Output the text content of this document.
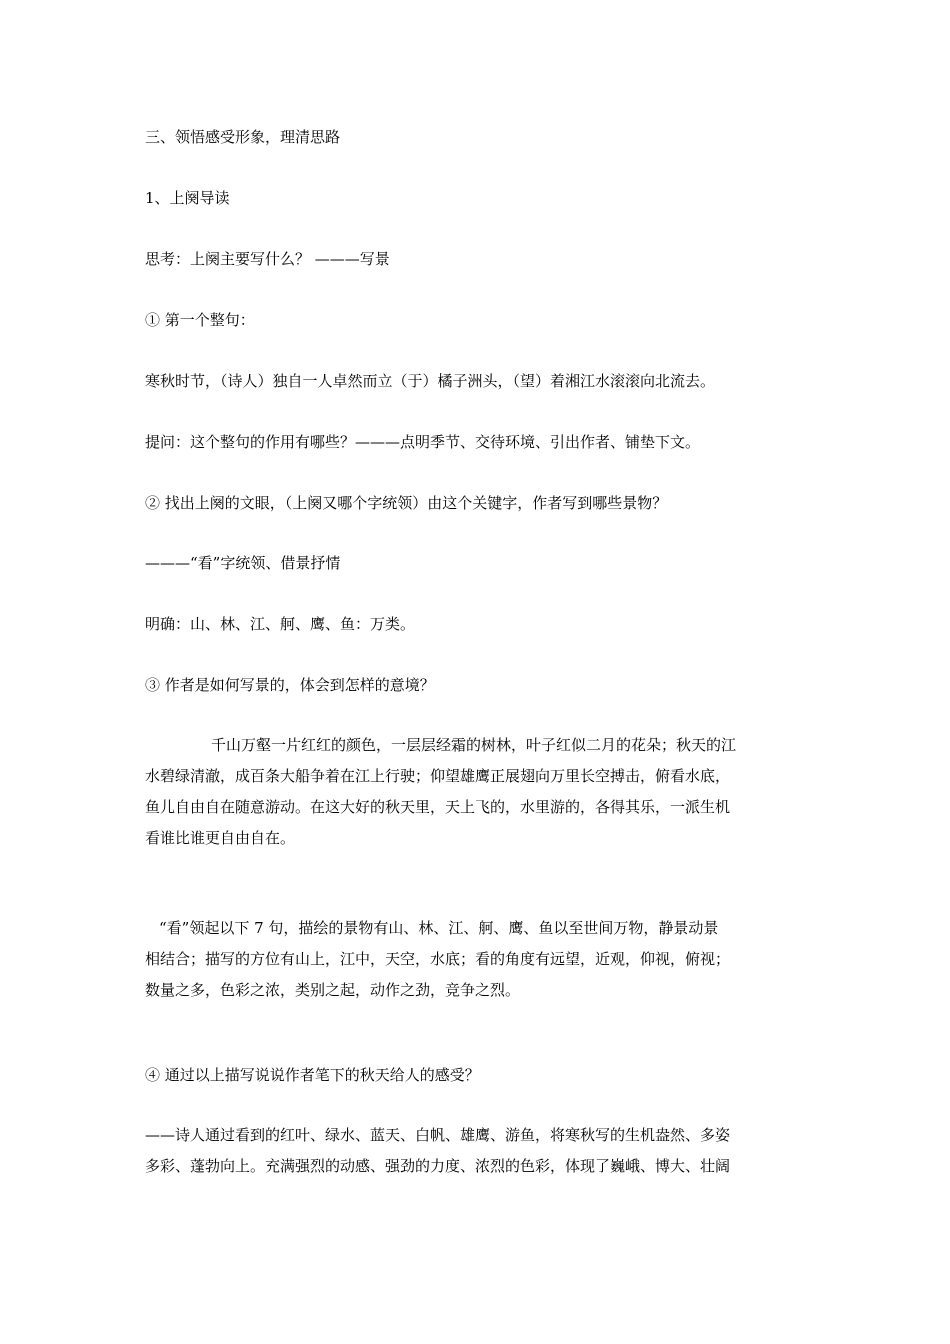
三、领悟感受形象，理清思路
1、上阕导读
思考：上阕主要写什么？ ———写景
① 第一个整句：
寒秋时节，（诗人）独自一人卓然而立（于）橘子洲头，（望）着湘江水滚滚向北流去。
提问：这个整句的作用有哪些？———点明季节、交待环境、引出作者、铺垫下文。
② 找出上阕的文眼，（上阕又哪个字统领）由这个关键字，作者写到哪些景物？
———“看”字统领、借景抒情
明确：山、林、江、舸、鹰、鱼：万类。
③ 作者是如何写景的，体会到怎样的意境？
千山万壑一片红红的颜色，一层层经霜的树林，叶子红似二月的花朵；秋天的江
水碧绿清澈，成百条大船争着在江上行驶；仰望雄鹰正展翅向万里长空搏击，俯看水底，
鱼儿自由自在随意游动。在这大好的秋天里，天上飞的，水里游的，各得其乐，一派生机
看谁比谁更自由自在。
“看”领起以下 7 句，描绘的景物有山、林、江、舸、鹰、鱼以至世间万物，静景动景
相结合；描写的方位有山上，江中，天空，水底；看的角度有远望，近观，仰视，俯视；
数量之多，色彩之浓，类别之起，动作之劲，竞争之烈。
④ 通过以上描写说说作者笔下的秋天给人的感受？
——诗人通过看到的红叶、绿水、蓝天、白帆、雄鹰、游鱼，将寒秋写的生机盎然、多姿
多彩、蓬勃向上。充满强烈的动感、强劲的力度、浓烈的色彩，体现了巍峨、博大、壮阔
